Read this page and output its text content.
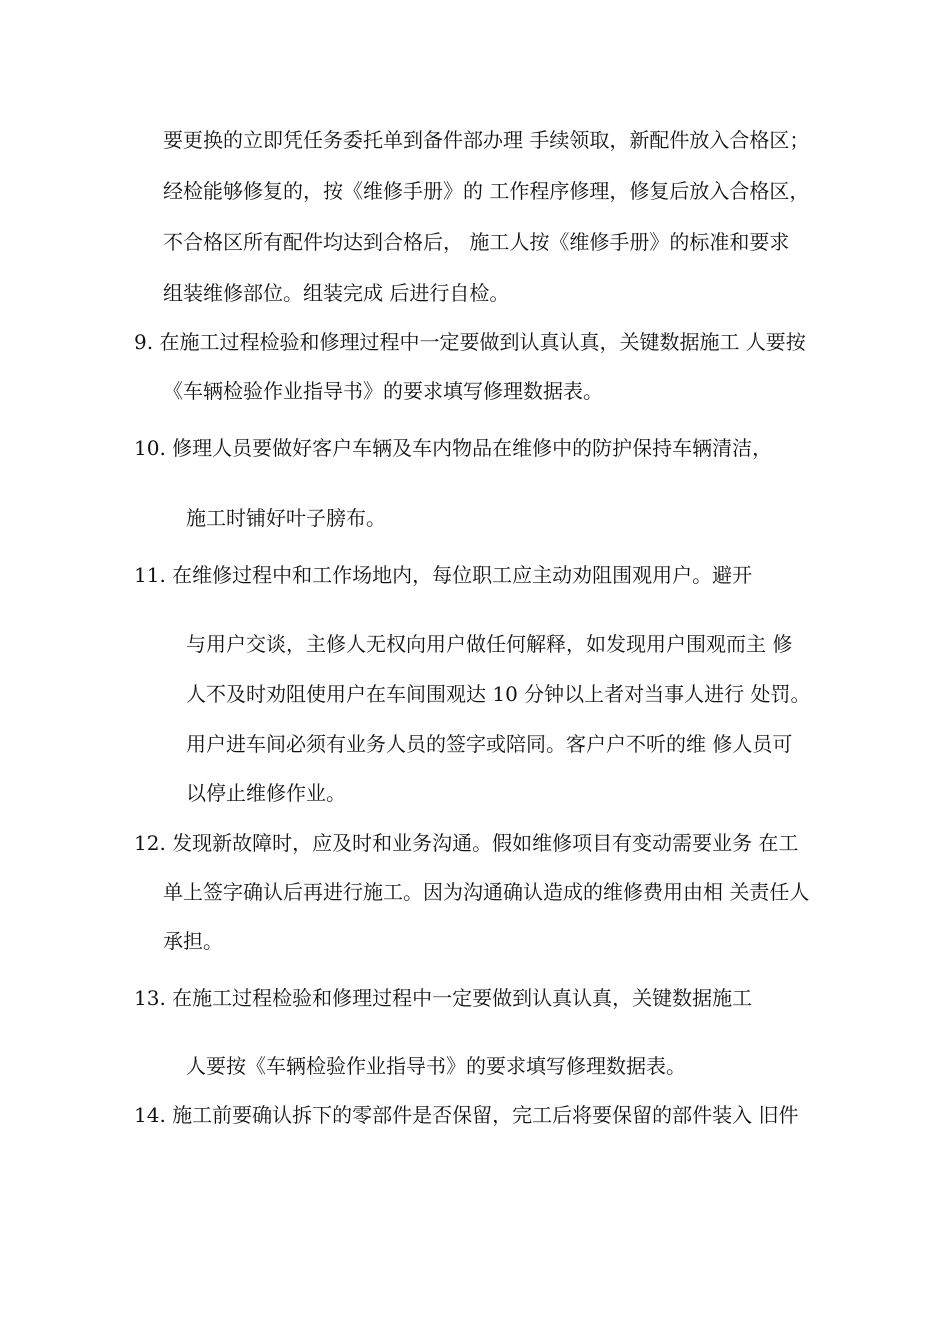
要更换的立即凭任务委托单到备件部办理 手续领取，新配件放入合格区；
经检能够修复的，按《维修手册》的 工作程序修理，修复后放入合格区，
不合格区所有配件均达到合格后， 施工人按《维修手册》的标准和要求
组装维修部位。组装完成 后进行自检。
9. 在施工过程检验和修理过程中一定要做到认真认真，关键数据施工 人要按
《车辆检验作业指导书》的要求填写修理数据表。
10. 修理人员要做好客户车辆及车内物品在维修中的防护保持车辆清洁，
施工时铺好叶子膀布。
11. 在维修过程中和工作场地内，每位职工应主动劝阻围观用户。避开
与用户交谈，主修人无权向用户做任何解释，如发现用户围观而主 修
人不及时劝阻使用户在车间围观达 10 分钟以上者对当事人进行 处罚。
用户进车间必须有业务人员的签字或陪同。客户户不听的维 修人员可
以停止维修作业。
12. 发现新故障时，应及时和业务沟通。假如维修项目有变动需要业务 在工
单上签字确认后再进行施工。因为沟通确认造成的维修费用由相 关责任人
承担。
13. 在施工过程检验和修理过程中一定要做到认真认真，关键数据施工
人要按《车辆检验作业指导书》的要求填写修理数据表。
14. 施工前要确认拆下的零部件是否保留，完工后将要保留的部件装入 旧件
